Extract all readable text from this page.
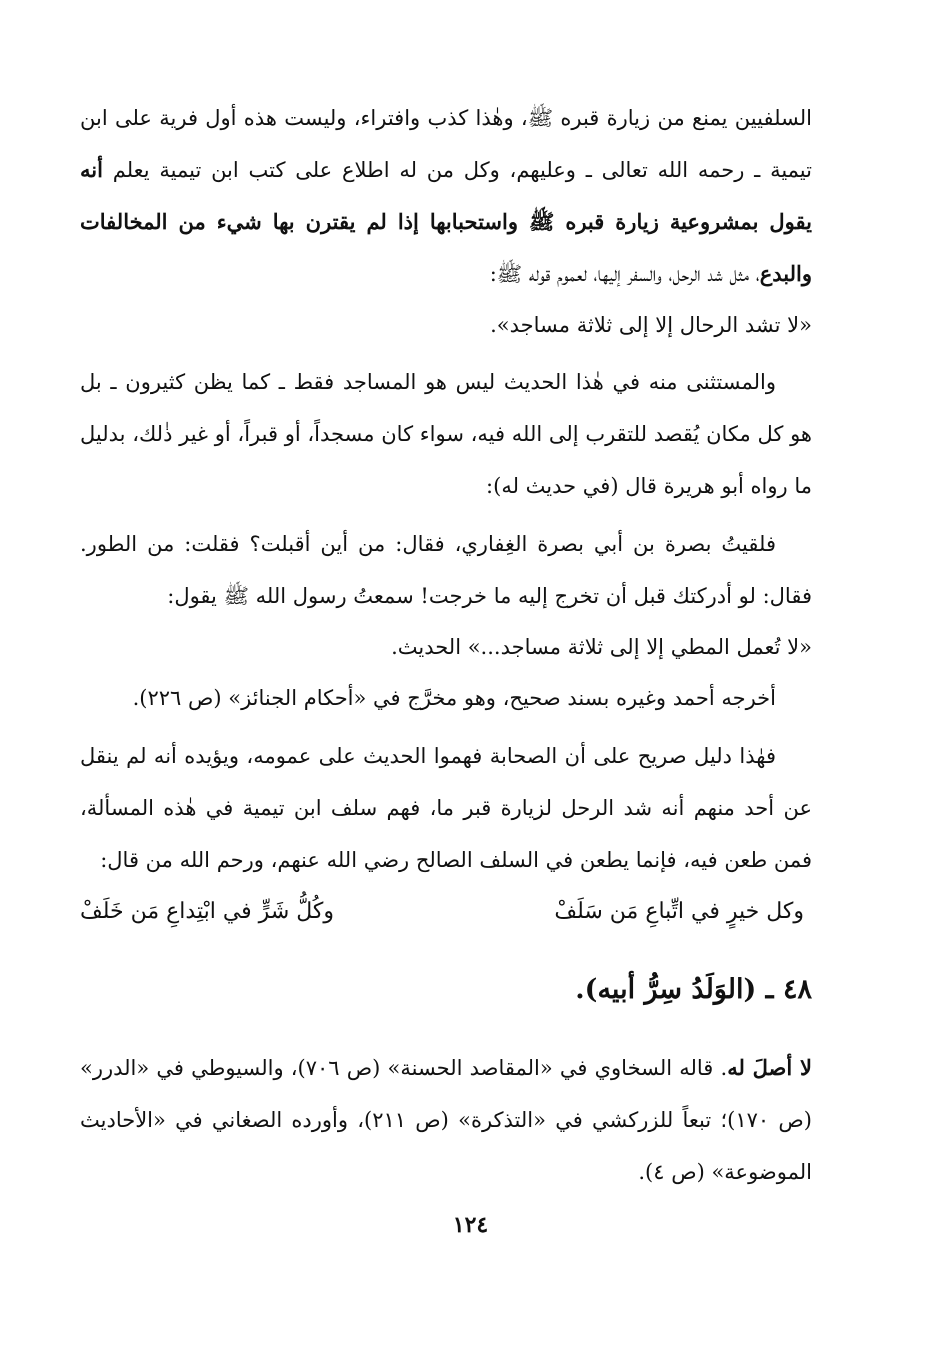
السلفيين يمنع من زيارة قبره ﷺ، وهٰذا كذب وافتراء، وليست هذه أول فرية على ابن تيمية ـ رحمه الله تعالى ـ وعليهم، وكل من له اطلاع على كتب ابن تيمية يعلم أنه يقول بمشروعية زيارة قبره ﷺ واستحبابها إذا لم يقترن بها شيء من المخالفات والبدع، مثل شد الرحل، والسفر إليها، لعموم قوله ﷺ:

«لا تشد الرحال إلا إلى ثلاثة مساجد».

والمستثنى منه في هٰذا الحديث ليس هو المساجد فقط ـ كما يظن كثيرون ـ بل هو كل مكان يُقصد للتقرب إلى الله فيه، سواء كان مسجداً، أو قبراً، أو غير ذٰلك، بدليل ما رواه أبو هريرة قال (في حديث له):

فلقيتُ بصرة بن أبي بصرة الغِفاري، فقال: من أين أقبلت؟ فقلت: من الطور. فقال: لو أدركتك قبل أن تخرج إليه ما خرجت! سمعتُ رسول الله ﷺ يقول:

«لا تُعمل المطي إلا إلى ثلاثة مساجد...» الحديث.

أخرجه أحمد وغيره بسند صحيح، وهو مخرَّج في «أحكام الجنائز» (ص ٢٢٦).

فهٰذا دليل صريح على أن الصحابة فهموا الحديث على عمومه، ويؤيده أنه لم ينقل عن أحد منهم أنه شد الرحل لزيارة قبر ما، فهم سلف ابن تيمية في هٰذه المسألة، فمن طعن فيه، فإنما يطعن في السلف الصالح رضي الله عنهم، ورحم الله من قال:

وكل خيرٍ في اتِّباعِ مَن سَلَفْ
وكُلُّ شَرٍّ في ابْتِداعِ مَن خَلَفْ
٤٨ ـ (الوَلَدُ سِرُّ أبيه).

لا أصلَ له. قاله السخاوي في «المقاصد الحسنة» (ص ٧٠٦)، والسيوطي في «الدرر» (ص ١٧٠)؛ تبعاً للزركشي في «التذكرة» (ص ٢١١)، وأورده الصغاني في «الأحاديث الموضوعة» (ص ٤).

١٢٤
